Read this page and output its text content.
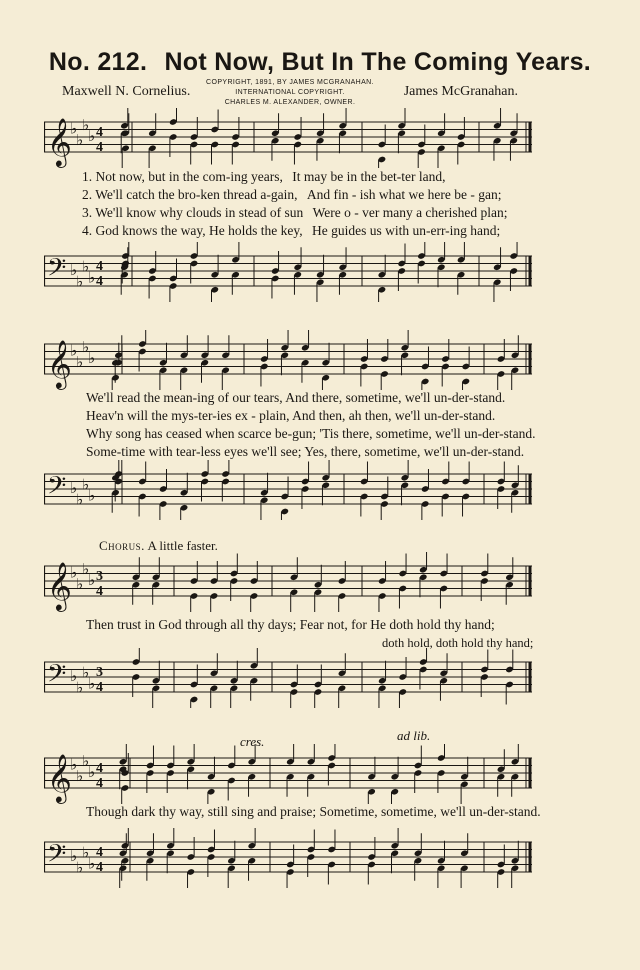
No. 212. Not Now, But In The Coming Years.
Maxwell N. Cornelius.
COPYRIGHT, 1891, BY JAMES MCGRANAHAN.
INTERNATIONAL COPYRIGHT.
CHARLES M. ALEXANDER, OWNER.
James McGranahan.
𝄞
♭
♭
♭
♭ 4
4
1. Not now, but in the com-ing years, It may be in the bet-ter land,
2. We'll catch the bro-ken thread a-gain, And fin - ish what we here be - gan;
3. We'll know why clouds in stead of sun Were o - ver many a cherished plan;
4. God knows the way, He holds the key, He guides us with un-err-ing hand;
𝄢 ♭
♭
♭
♭
4
4
𝄞
♭
♭
♭
♭
We'll read the mean-ing of our tears, And there, sometime, we'll un-der-stand.
Heav'n will the mys-ter-ies ex - plain, And then, ah then, we'll un-der-stand.
Why song has ceased when scarce be-gun; 'Tis there, sometime, we'll un-der-stand.
Some-time with tear-less eyes we'll see; Yes, there, sometime, we'll un-der-stand.
𝄢 ♭
♭
♭
♭
Chorus. A little faster.
𝄞
♭
♭
♭
♭ 3
4
Then trust in God through all thy days; Fear not, for He doth hold thy hand;
doth hold, doth hold thy hand;
𝄢 ♭
♭
♭
♭
3
4
cres.	ad lib.
𝄞
♭
♭
♭
♭ 4
4
Though dark thy way, still sing and praise; Sometime, sometime, we'll un-der-stand.
𝄢 ♭
♭
♭
♭
4
4
